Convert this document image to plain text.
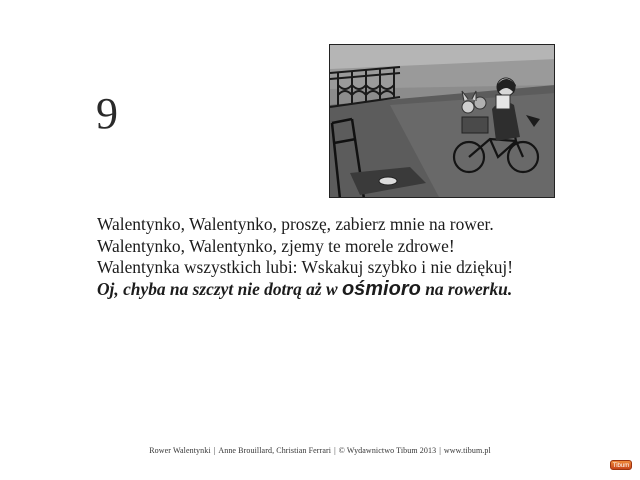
9
Walentynko, Walentynko, proszę, zabierz mnie na rower.
Walentynko, Walentynko, zjemy te morele zdrowe!
Walentynka wszystkich lubi: Wskakuj szybko i nie dziękuj!
Oj, chyba na szczyt nie dotrą aż w ośmioro na rowerku.
Rower Walentynki | Anne Brouillard, Christian Ferrari | © Wydawnictwo Tibum 2013 | www.tibum.pl
Tibum
